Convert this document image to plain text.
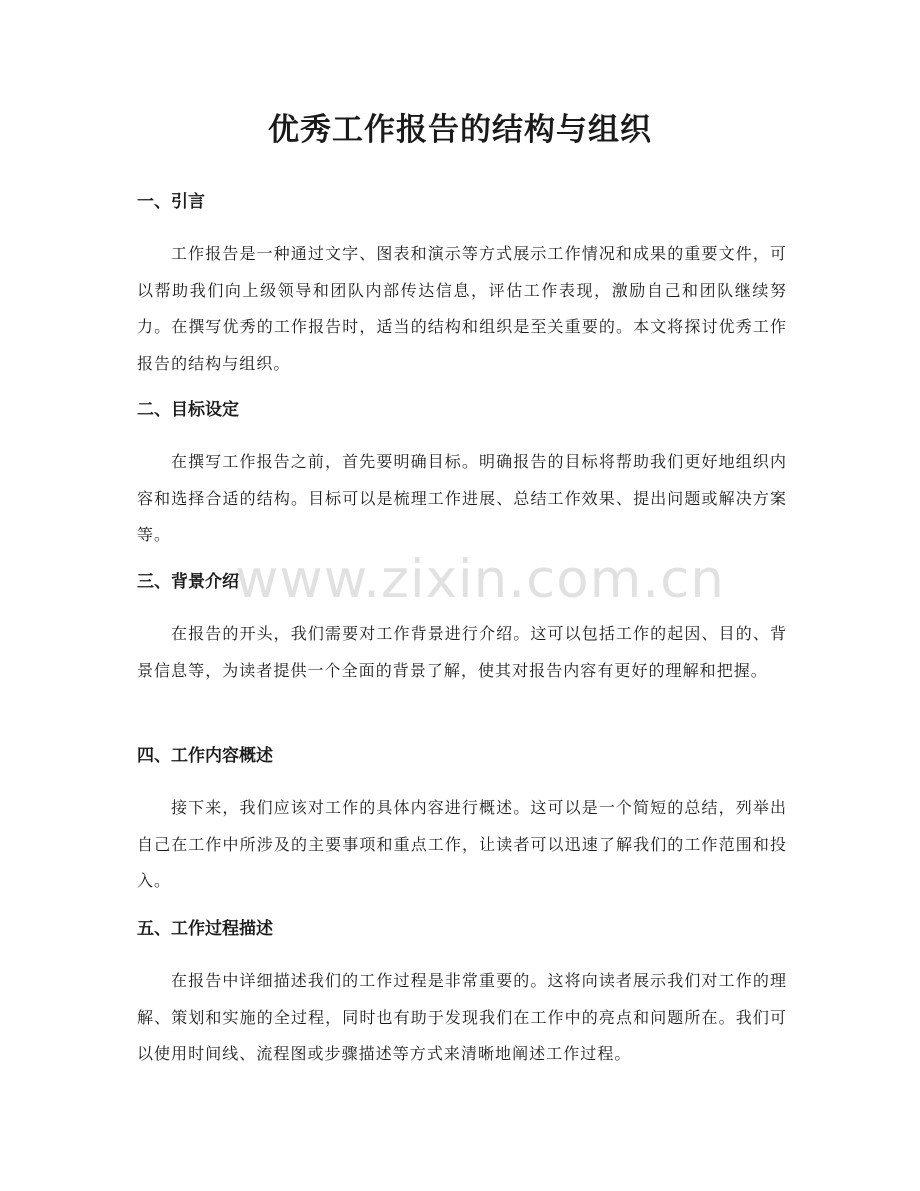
优秀工作报告的结构与组织
一、引言

工作报告是一种通过文字、图表和演示等方式展示工作情况和成果的重要文件，可以帮助我们向上级领导和团队内部传达信息，评估工作表现，激励自己和团队继续努力。在撰写优秀的工作报告时，适当的结构和组织是至关重要的。本文将探讨优秀工作报告的结构与组织。

二、目标设定

在撰写工作报告之前，首先要明确目标。明确报告的目标将帮助我们更好地组织内容和选择合适的结构。目标可以是梳理工作进展、总结工作效果、提出问题或解决方案等。

三、背景介绍

在报告的开头，我们需要对工作背景进行介绍。这可以包括工作的起因、目的、背景信息等，为读者提供一个全面的背景了解，使其对报告内容有更好的理解和把握。

四、工作内容概述

接下来，我们应该对工作的具体内容进行概述。这可以是一个简短的总结，列举出自己在工作中所涉及的主要事项和重点工作，让读者可以迅速了解我们的工作范围和投入。

五、工作过程描述

在报告中详细描述我们的工作过程是非常重要的。这将向读者展示我们对工作的理解、策划和实施的全过程，同时也有助于发现我们在工作中的亮点和问题所在。我们可以使用时间线、流程图或步骤描述等方式来清晰地阐述工作过程。

www.zixin.com.cn
